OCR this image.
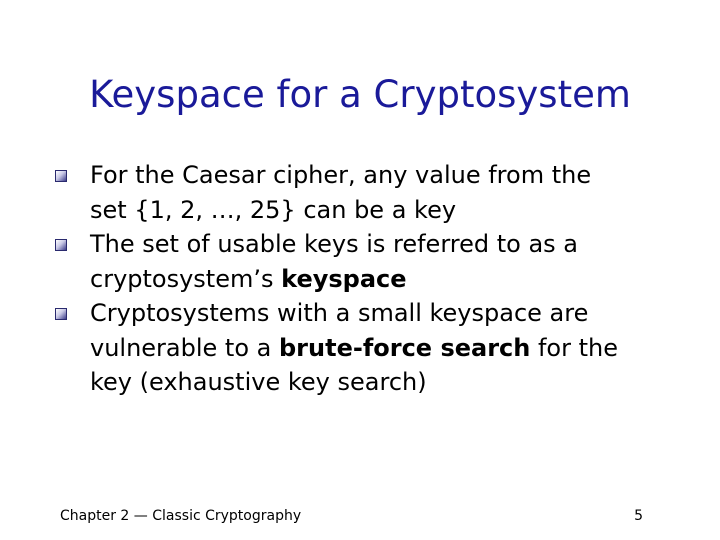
Keyspace for a Cryptosystem
For the Caesar cipher, any value from the
set {1, 2, …, 25} can be a key
The set of usable keys is referred to as a
cryptosystem’s keyspace
Cryptosystems with a small keyspace are
vulnerable to a brute-force search for the
key (exhaustive key search)
Chapter 2 — Classic Cryptography	5
